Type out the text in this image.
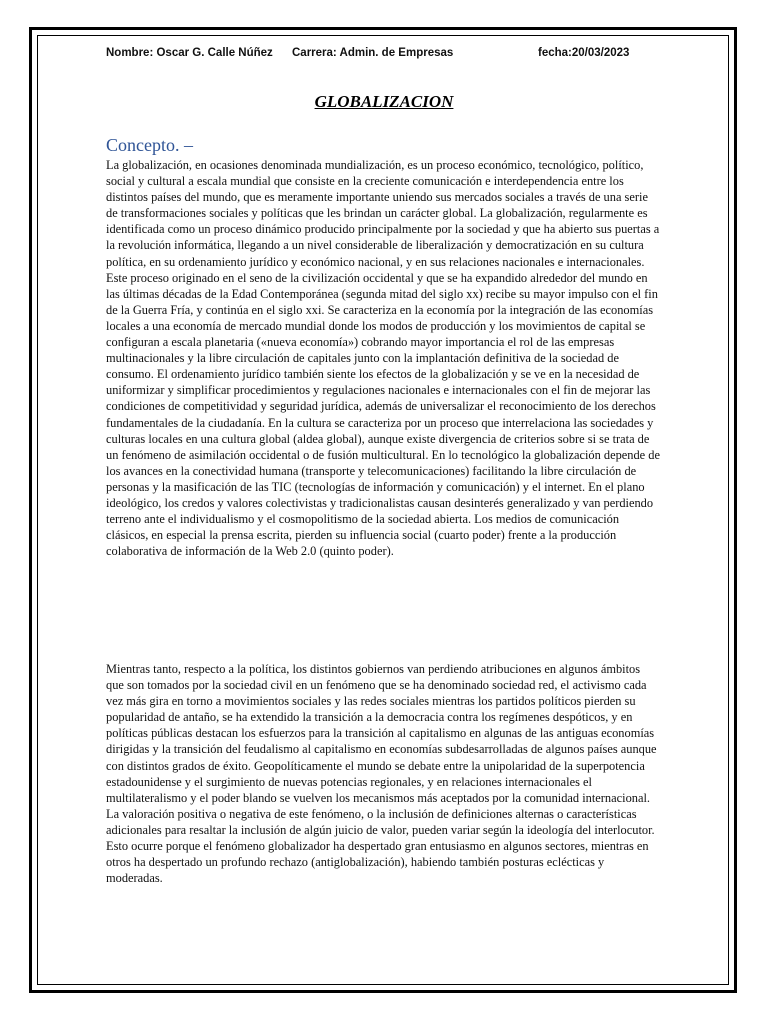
Nombre: Oscar G. Calle Núñez Carrera: Admin. de Empresas	fecha:20/03/2023
GLOBALIZACION
Concepto. –

La globalización, en ocasiones denominada mundialización, es un proceso económico, tecnológico, político, social y cultural a escala mundial que consiste en la creciente comunicación e interdependencia entre los distintos países del mundo, que es meramente importante uniendo sus mercados sociales a través de una serie de transformaciones sociales y políticas que les brindan un carácter global. La globalización, regularmente es identificada como un proceso dinámico producido principalmente por la sociedad y que ha abierto sus puertas a la revolución informática, llegando a un nivel considerable de liberalización y democratización en su cultura política, en su ordenamiento jurídico y económico nacional, y en sus relaciones nacionales e internacionales. Este proceso originado en el seno de la civilización occidental y que se ha expandido alrededor del mundo en las últimas décadas de la Edad Contemporánea (segunda mitad del siglo xx) recibe su mayor impulso con el fin de la Guerra Fría, y continúa en el siglo xxi. Se caracteriza en la economía por la integración de las economías locales a una economía de mercado mundial donde los modos de producción y los movimientos de capital se configuran a escala planetaria («nueva economía») cobrando mayor importancia el rol de las empresas multinacionales y la libre circulación de capitales junto con la implantación definitiva de la sociedad de consumo. El ordenamiento jurídico también siente los efectos de la globalización y se ve en la necesidad de uniformizar y simplificar procedimientos y regulaciones nacionales e internacionales con el fin de mejorar las condiciones de competitividad y seguridad jurídica, además de universalizar el reconocimiento de los derechos fundamentales de la ciudadanía. En la cultura se caracteriza por un proceso que interrelaciona las sociedades y culturas locales en una cultura global (aldea global), aunque existe divergencia de criterios sobre si se trata de un fenómeno de asimilación occidental o de fusión multicultural. En lo tecnológico la globalización depende de los avances en la conectividad humana (transporte y telecomunicaciones) facilitando la libre circulación de personas y la masificación de las TIC (tecnologías de información y comunicación) y el internet. En el plano ideológico, los credos y valores colectivistas y tradicionalistas causan desinterés generalizado y van perdiendo terreno ante el individualismo y el cosmopolitismo de la sociedad abierta. Los medios de comunicación clásicos, en especial la prensa escrita, pierden su influencia social (cuarto poder) frente a la producción colaborativa de información de la Web 2.0 (quinto poder).

Mientras tanto, respecto a la política, los distintos gobiernos van perdiendo atribuciones en algunos ámbitos que son tomados por la sociedad civil en un fenómeno que se ha denominado sociedad red, el activismo cada vez más gira en torno a movimientos sociales y las redes sociales mientras los partidos políticos pierden su popularidad de antaño, se ha extendido la transición a la democracia contra los regímenes despóticos, y en políticas públicas destacan los esfuerzos para la transición al capitalismo en algunas de las antiguas economías dirigidas y la transición del feudalismo al capitalismo en economías subdesarrolladas de algunos países aunque con distintos grados de éxito. Geopolíticamente el mundo se debate entre la unipolaridad de la superpotencia estadounidense y el surgimiento de nuevas potencias regionales, y en relaciones internacionales el multilateralismo y el poder blando se vuelven los mecanismos más aceptados por la comunidad internacional. La valoración positiva o negativa de este fenómeno, o la inclusión de definiciones alternas o características adicionales para resaltar la inclusión de algún juicio de valor, pueden variar según la ideología del interlocutor. Esto ocurre porque el fenómeno globalizador ha despertado gran entusiasmo en algunos sectores, mientras en otros ha despertado un profundo rechazo (antiglobalización), habiendo también posturas eclécticas y moderadas.
